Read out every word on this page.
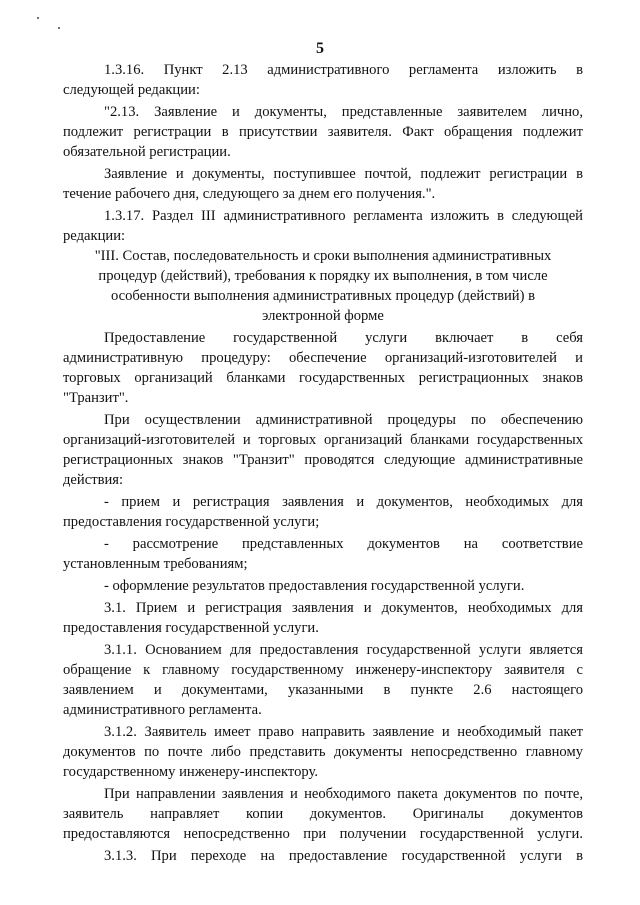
5
1.3.16. Пункт 2.13 административного регламента изложить в
следующей редакции:
"2.13. Заявление и документы, представленные заявителем лично,
подлежит регистрации в присутствии заявителя. Факт обращения подлежит
обязательной регистрации.
Заявление и документы, поступившее почтой, подлежит регистрации в
течение рабочего дня, следующего за днем его получения.".
1.3.17. Раздел III административного регламента изложить в следующей
редакции:
"III. Состав, последовательность и сроки выполнения административных
процедур (действий), требования к порядку их выполнения, в том числе
особенности выполнения административных процедур (действий) в
электронной форме
Предоставление государственной услуги включает в себя
административную процедуру: обеспечение организаций-изготовителей и
торговых организаций бланками государственных регистрационных знаков
"Транзит".
При осуществлении административной процедуры по обеспечению
организаций-изготовителей и торговых организаций бланками государственных
регистрационных знаков "Транзит" проводятся следующие административные
действия:
- прием и регистрация заявления и документов, необходимых для
предоставления государственной услуги;
- рассмотрение представленных документов на соответствие
установленным требованиям;
- оформление результатов предоставления государственной услуги.
3.1. Прием и регистрация заявления и документов, необходимых для
предоставления государственной услуги.
3.1.1. Основанием для предоставления государственной услуги является
обращение к главному государственному инженеру-инспектору заявителя с
заявлением и документами, указанными в пункте 2.6 настоящего
административного регламента.
3.1.2. Заявитель имеет право направить заявление и необходимый пакет
документов по почте либо представить документы непосредственно главному
государственному инженеру-инспектору.
При направлении заявления и необходимого пакета документов по почте,
заявитель направляет копии документов. Оригиналы документов
предоставляются непосредственно при получении государственной услуги.
3.1.3. При переходе на предоставление государственной услуги в
